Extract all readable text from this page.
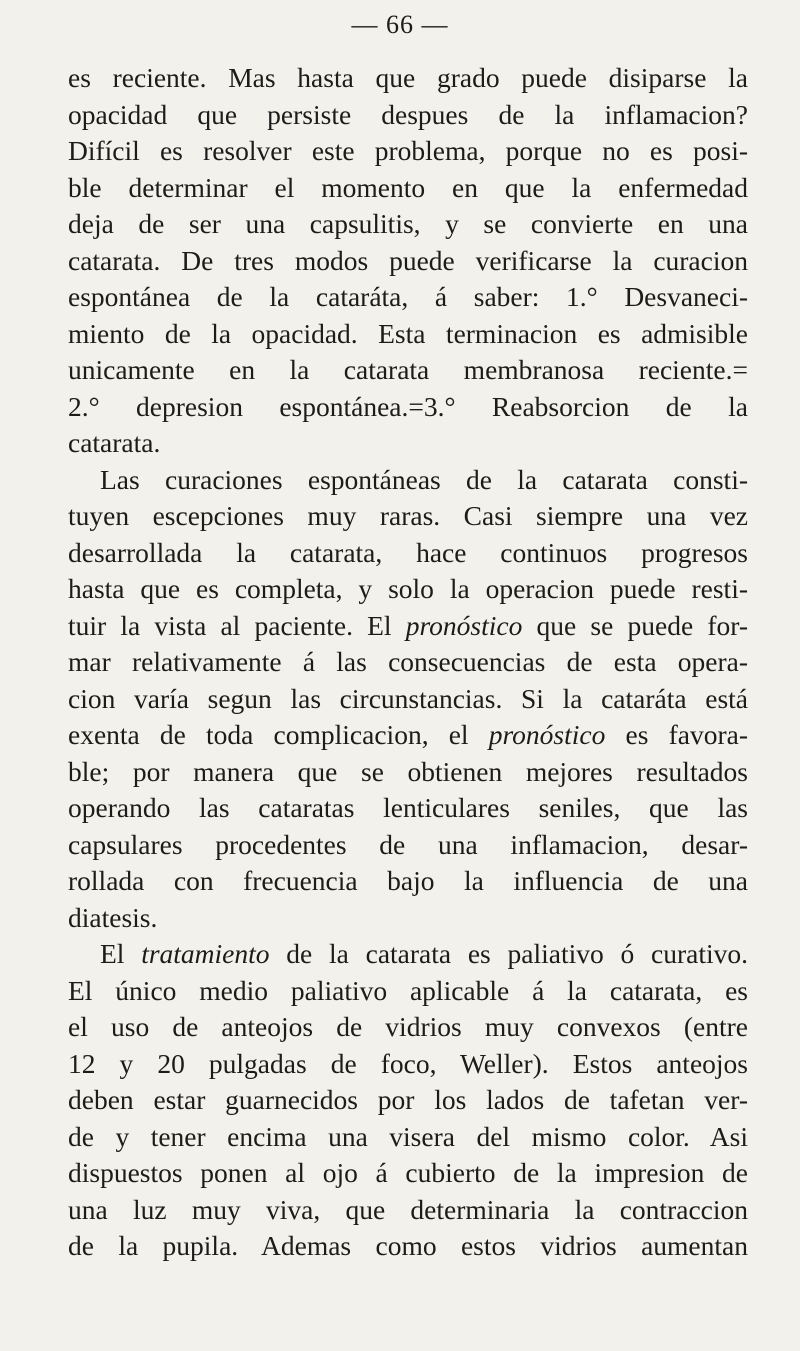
— 66 —
es reciente. Mas hasta que grado puede disiparse la
opacidad que persiste despues de la inflamacion?
Difícil es resolver este problema, porque no es posi-
ble determinar el momento en que la enfermedad
deja de ser una capsulitis, y se convierte en una
catarata. De tres modos puede verificarse la curacion
espontánea de la cataráta, á saber: 1.° Desvaneci-
miento de la opacidad. Esta terminacion es admisible
unicamente en la catarata membranosa reciente.=
2.° depresion espontánea.=3.° Reabsorcion de la
catarata.
Las curaciones espontáneas de la catarata consti-
tuyen escepciones muy raras. Casi siempre una vez
desarrollada la catarata, hace continuos progresos
hasta que es completa, y solo la operacion puede resti-
tuir la vista al paciente. El pronóstico que se puede for-
mar relativamente á las consecuencias de esta opera-
cion varía segun las circunstancias. Si la cataráta está
exenta de toda complicacion, el pronóstico es favora-
ble; por manera que se obtienen mejores resultados
operando las cataratas lenticulares seniles, que las
capsulares procedentes de una inflamacion, desar-
rollada con frecuencia bajo la influencia de una
diatesis.
El tratamiento de la catarata es paliativo ó curativo.
El único medio paliativo aplicable á la catarata, es
el uso de anteojos de vidrios muy convexos (entre
12 y 20 pulgadas de foco, Weller). Estos anteojos
deben estar guarnecidos por los lados de tafetan ver-
de y tener encima una visera del mismo color. Asi
dispuestos ponen al ojo á cubierto de la impresion de
una luz muy viva, que determinaria la contraccion
de la pupila. Ademas como estos vidrios aumentan
